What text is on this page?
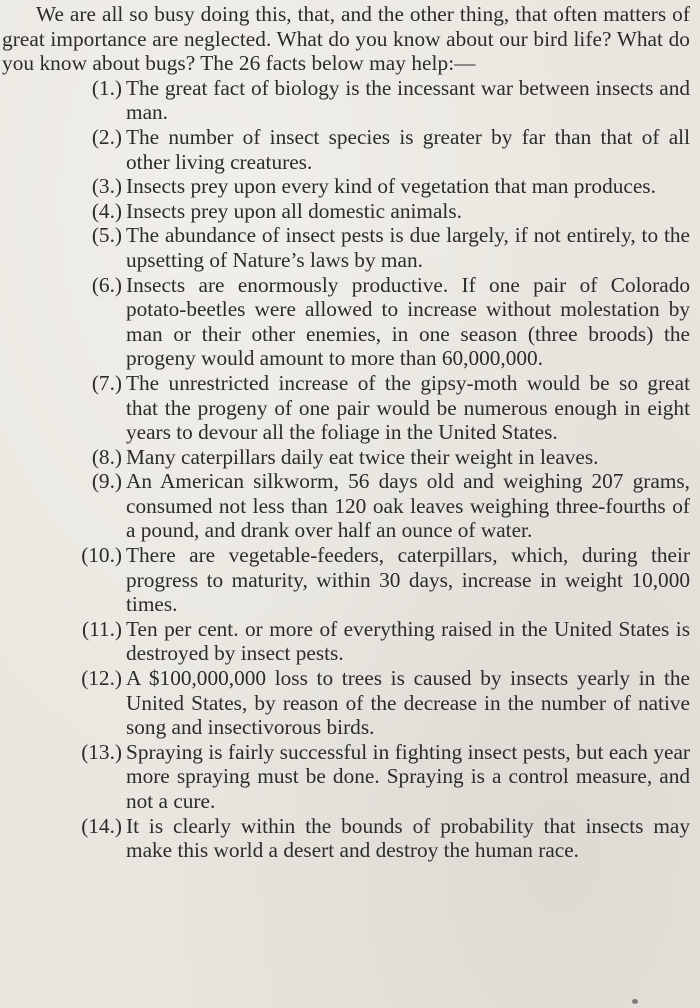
We are all so busy doing this, that, and the other thing, that often matters of great importance are neglected. What do you know about our bird life? What do you know about bugs? The 26 facts below may help:—

(1.) The great fact of biology is the incessant war between insects and man.
(2.) The number of insect species is greater by far than that of all other living creatures.
(3.) Insects prey upon every kind of vegetation that man produces.
(4.) Insects prey upon all domestic animals.
(5.) The abundance of insect pests is due largely, if not entirely, to the upsetting of Nature’s laws by man.
(6.) Insects are enormously productive. If one pair of Colorado potato-beetles were allowed to increase without molestation by man or their other enemies, in one season (three broods) the progeny would amount to more than 60,000,000.
(7.) The unrestricted increase of the gipsy-moth would be so great that the progeny of one pair would be numerous enough in eight years to devour all the foliage in the United States.
(8.) Many caterpillars daily eat twice their weight in leaves.
(9.) An American silkworm, 56 days old and weighing 207 grams, consumed not less than 120 oak leaves weighing three-fourths of a pound, and drank over half an ounce of water.
(10.) There are vegetable-feeders, caterpillars, which, during their progress to maturity, within 30 days, increase in weight 10,000 times.
(11.) Ten per cent. or more of everything raised in the United States is destroyed by insect pests.
(12.) A $100,000,000 loss to trees is caused by insects yearly in the United States, by reason of the decrease in the number of native song and insectivorous birds.
(13.) Spraying is fairly successful in fighting insect pests, but each year more spraying must be done. Spraying is a control measure, and not a cure.
(14.) It is clearly within the bounds of probability that insects may make this world a desert and destroy the human race.
